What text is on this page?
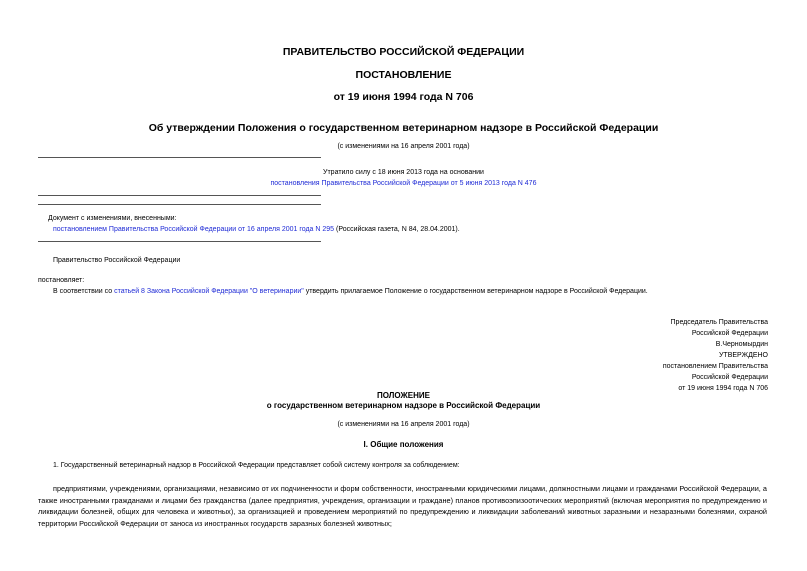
ПРАВИТЕЛЬСТВО РОССИЙСКОЙ ФЕДЕРАЦИИ
ПОСТАНОВЛЕНИЕ
от 19 июня 1994 года N 706
Об утверждении Положения о государственном ветеринарном надзоре в Российской Федерации
(с изменениями на 16 апреля 2001 года)
Утратило силу с 18 июня 2013 года на основании
постановления Правительства Российской Федерации от 5 июня 2013 года N 476
Документ с изменениями, внесенными:
постановлением Правительства Российской Федерации от 16 апреля 2001 года N 295 (Российская газета, N 84, 28.04.2001).
Правительство Российской Федерации
постановляет:
В соответствии со статьей 8 Закона Российской Федерации "О ветеринарии" утвердить прилагаемое Положение о государственном ветеринарном надзоре в Российской Федерации.
Председатель Правительства
Российской Федерации
В.Черномырдин
УТВЕРЖДЕНО
постановлением Правительства
Российской Федерации
от 19 июня 1994 года N 706
ПОЛОЖЕНИЕ
о государственном ветеринарном надзоре в Российской Федерации
(с изменениями на 16 апреля 2001 года)
I. Общие положения
1. Государственный ветеринарный надзор в Российской Федерации представляет собой систему контроля за соблюдением:
предприятиями, учреждениями, организациями, независимо от их подчиненности и форм собственности, иностранными юридическими лицами, должностными лицами и гражданами Российской Федерации, а также иностранными гражданами и лицами без гражданства (далее предприятия, учреждения, организации и граждане) планов противоэпизоотических мероприятий (включая мероприятия по предупреждению и ликвидации болезней, общих для человека и животных), за организацией и проведением мероприятий по предупреждению и ликвидации заболеваний животных заразными и незаразными болезнями, охраной территории Российской Федерации от заноса из иностранных государств заразных болезней животных;
